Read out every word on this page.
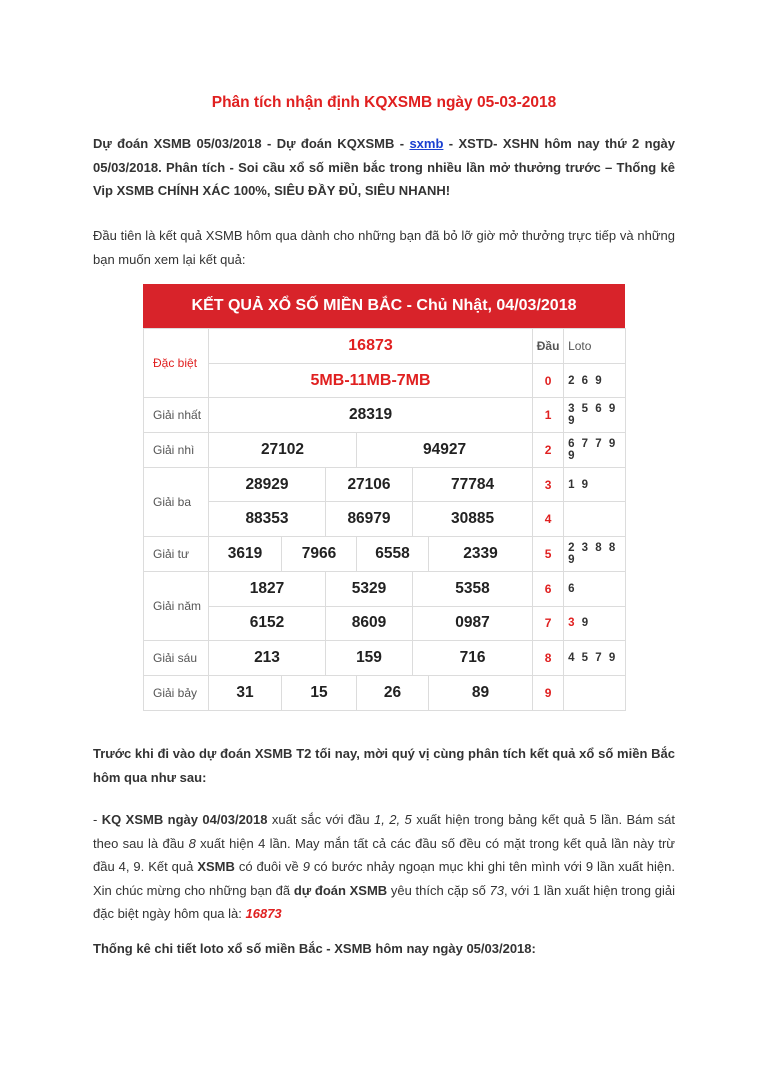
Phân tích nhận định KQXSMB ngày 05-03-2018
Dự đoán XSMB 05/03/2018 - Dự đoán KQXSMB - sxmb - XSTD- XSHN hôm nay thứ 2 ngày 05/03/2018. Phân tích - Soi cầu xổ số miền bắc trong nhiều lần mở thưởng trước – Thống kê Vip XSMB CHÍNH XÁC 100%, SIÊU ĐẦY ĐỦ, SIÊU NHANH!
Đầu tiên là kết quả XSMB hôm qua dành cho những bạn đã bỏ lỡ giờ mở thưởng trực tiếp và những bạn muốn xem lại kết quả:
Trước khi đi vào dự đoán XSMB T2 tối nay, mời quý vị cùng phân tích kết quả xổ số miền Bắc hôm qua như sau:
- KQ XSMB ngày 04/03/2018 xuất sắc với đầu 1, 2, 5 xuất hiện trong bảng kết quả 5 lần. Bám sát theo sau là đầu 8 xuất hiện 4 lần. May mắn tất cả các đầu số đều có mặt trong kết quả lần này trừ đầu 4, 9. Kết quả XSMB có đuôi về 9 có bước nhảy ngoạn mục khi ghi tên mình với 9 lần xuất hiện. Xin chúc mừng cho những bạn đã dự đoán XSMB yêu thích cặp số 73, với 1 lần xuất hiện trong giải đặc biệt ngày hôm qua là: 16873
Thống kê chi tiết loto xổ số miền Bắc - XSMB hôm nay ngày 05/03/2018:
KẾT QUẢ XỔ SỐ MIỀN BẮC - Chủ Nhật, 04/03/2018
Đặc biệt	16873						Đầu	Loto
	5MB-11MB-7MB						0	2 6 9
Giải nhất	28319						1	3 5 6 9 9
Giải nhì	27102			94927			2	6 7 7 9 9
Giải ba	28929		27106		77784		3	1 9
	88353		86979		30885		4	
Giải tư	3619	7966		6558		2339	5	2 3 8 8 9
Giải năm	1827		5329		5358		6	6
	6152		8609		0987		7	3 9
Giải sáu	213		159		716		8	4 5 7 9
Giải bảy	31	15		26		89	9	
